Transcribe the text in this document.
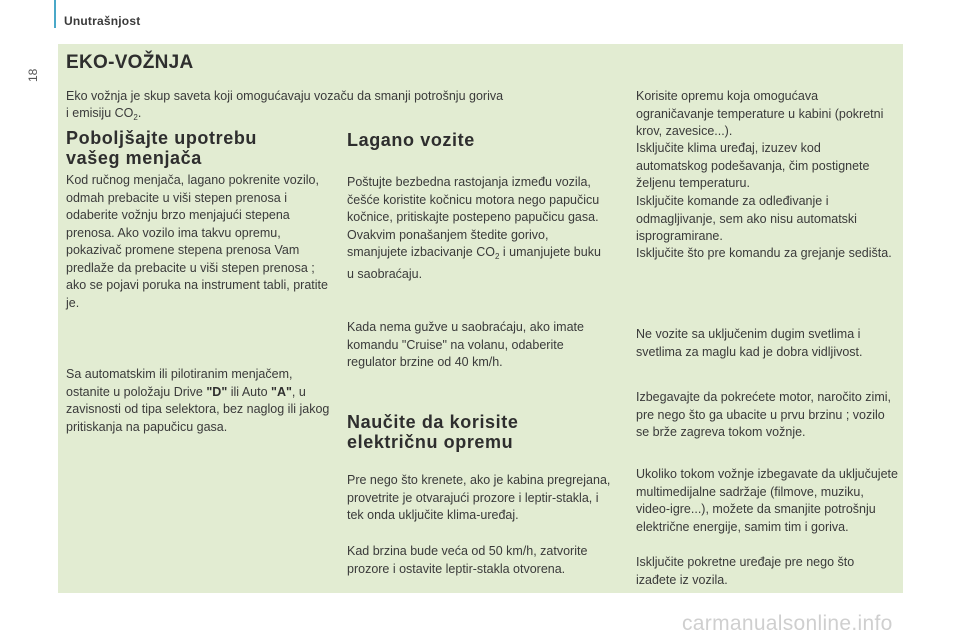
Unutrašnjost
18
EKO-VOŽNJA

Eko vožnja je skup saveta koji omogućavaju vozaču da smanji potrošnju goriva
i emisiju $CO_2$.

Poboljšajte upotrebu
vašeg menjača

Kod ručnog menjača, lagano pokrenite vozilo, odmah prebacite u viši stepen prenosa i odaberite vožnju brzo menjajući stepena prenosa. Ako vozilo ima takvu opremu, pokazivač promene stepena prenosa Vam predlaže da prebacite u viši stepen prenosa ; ako se pojavi poruka na instrument tabli, pratite je.

Sa automatskim ili pilotiranim menjačem, ostanite u položaju Drive "D" ili Auto "A", u zavisnosti od tipa selektora, bez naglog ili jakog pritiskanja na papučicu gasa.

Lagano vozite

Poštujte bezbedna rastojanja između vozila, češće koristite kočnicu motora nego papučicu kočnice, pritiskajte postepeno papučicu gasa. Ovakvim ponašanjem štedite gorivo, smanjujete izbacivanje $CO_2$ i umanjujete buku u saobraćaju.

Kada nema gužve u saobraćaju, ako imate komandu "Cruise" na volanu, odaberite regulator brzine od 40 km/h.

Naučite da korisite
električnu opremu

Pre nego što krenete, ako je kabina pregrejana, provetrite je otvarajući prozore i leptir-stakla, i tek onda uključite klima-uređaj.

Kad brzina bude veća od 50 km/h, zatvorite prozore i ostavite leptir-stakla otvorena.

Korisite opremu koja omogućava ograničavanje temperature u kabini (pokretni krov, zavesice...).

Isključite klima uređaj, izuzev kod automatskog podešavanja, čim postignete željenu temperaturu.

Isključite komande za odleđivanje i odmagljivanje, sem ako nisu automatski isprogramirane.

Isključite što pre komandu za grejanje sedišta.

Ne vozite sa uključenim dugim svetlima i svetlima za maglu kad je dobra vidljivost.

Izbegavajte da pokrećete motor, naročito zimi, pre nego što ga ubacite u prvu brzinu ; vozilo se brže zagreva tokom vožnje.

Ukoliko tokom vožnje izbegavate da uključujete multimedijalne sadržaje (filmove, muziku, video-igre...), možete da smanjite potrošnju električne energije, samim tim i goriva.

Isključite pokretne uređaje pre nego što izađete iz vozila.

carmanualsonline.info
